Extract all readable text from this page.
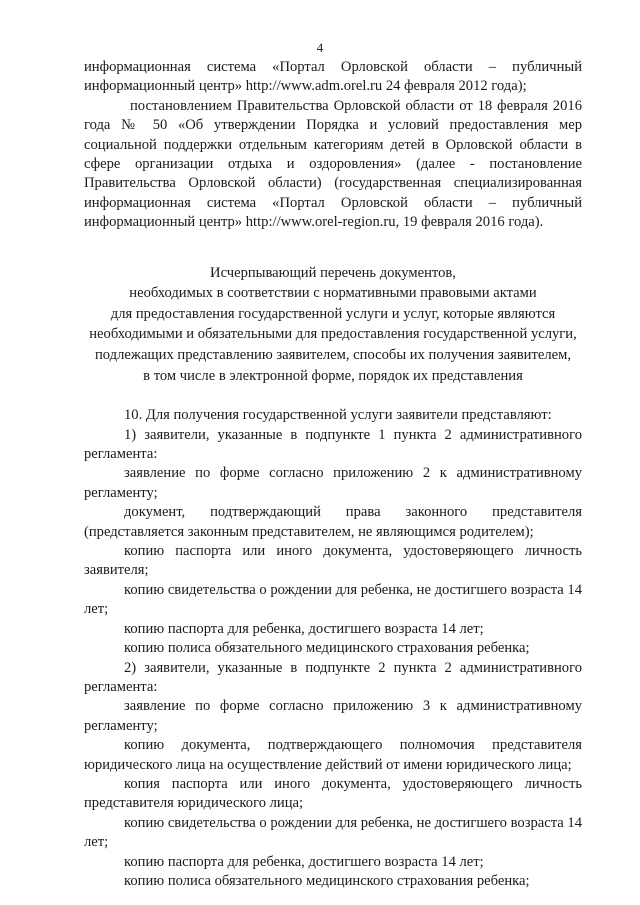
4

информационная система «Портал Орловской области – публичный

информационный центр» http://www.adm.orel.ru 24 февраля 2012 года);

постановлением Правительства Орловской области от 18 февраля 2016 года № 50 «Об утверждении Порядка и условий предоставления мер социальной поддержки отдельным категориям детей в Орловской области в сфере организации отдыха и оздоровления» (далее - постановление Правительства Орловской области) (государственная специализированная информационная система «Портал Орловской области – публичный информационный центр» http://www.orel-region.ru, 19 февраля 2016 года).

Исчерпывающий перечень документов,
необходимых в соответствии с нормативными правовыми актами
для предоставления государственной услуги и услуг, которые являются
необходимыми и обязательными для предоставления государственной услуги,
подлежащих представлению заявителем, способы их получения заявителем,
в том числе в электронной форме, порядок их представления

10. Для получения государственной услуги заявители представляют:

1) заявители, указанные в подпункте 1 пункта 2 административного регламента:

заявление по форме согласно приложению 2 к административному регламенту;

документ, подтверждающий права законного представителя (представляется законным представителем, не являющимся родителем);

копию паспорта или иного документа, удостоверяющего личность заявителя;

копию свидетельства о рождении для ребенка, не достигшего возраста 14 лет;

копию паспорта для ребенка, достигшего возраста 14 лет;

копию полиса обязательного медицинского страхования ребенка;

2) заявители, указанные в подпункте 2 пункта 2 административного регламента:

заявление по форме согласно приложению 3 к административному регламенту;

копию документа, подтверждающего полномочия представителя юридического лица на осуществление действий от имени юридического лица;

копия паспорта или иного документа, удостоверяющего личность представителя юридического лица;

копию свидетельства о рождении для ребенка, не достигшего возраста 14 лет;

копию паспорта для ребенка, достигшего возраста 14 лет;

копию полиса обязательного медицинского страхования ребенка;
